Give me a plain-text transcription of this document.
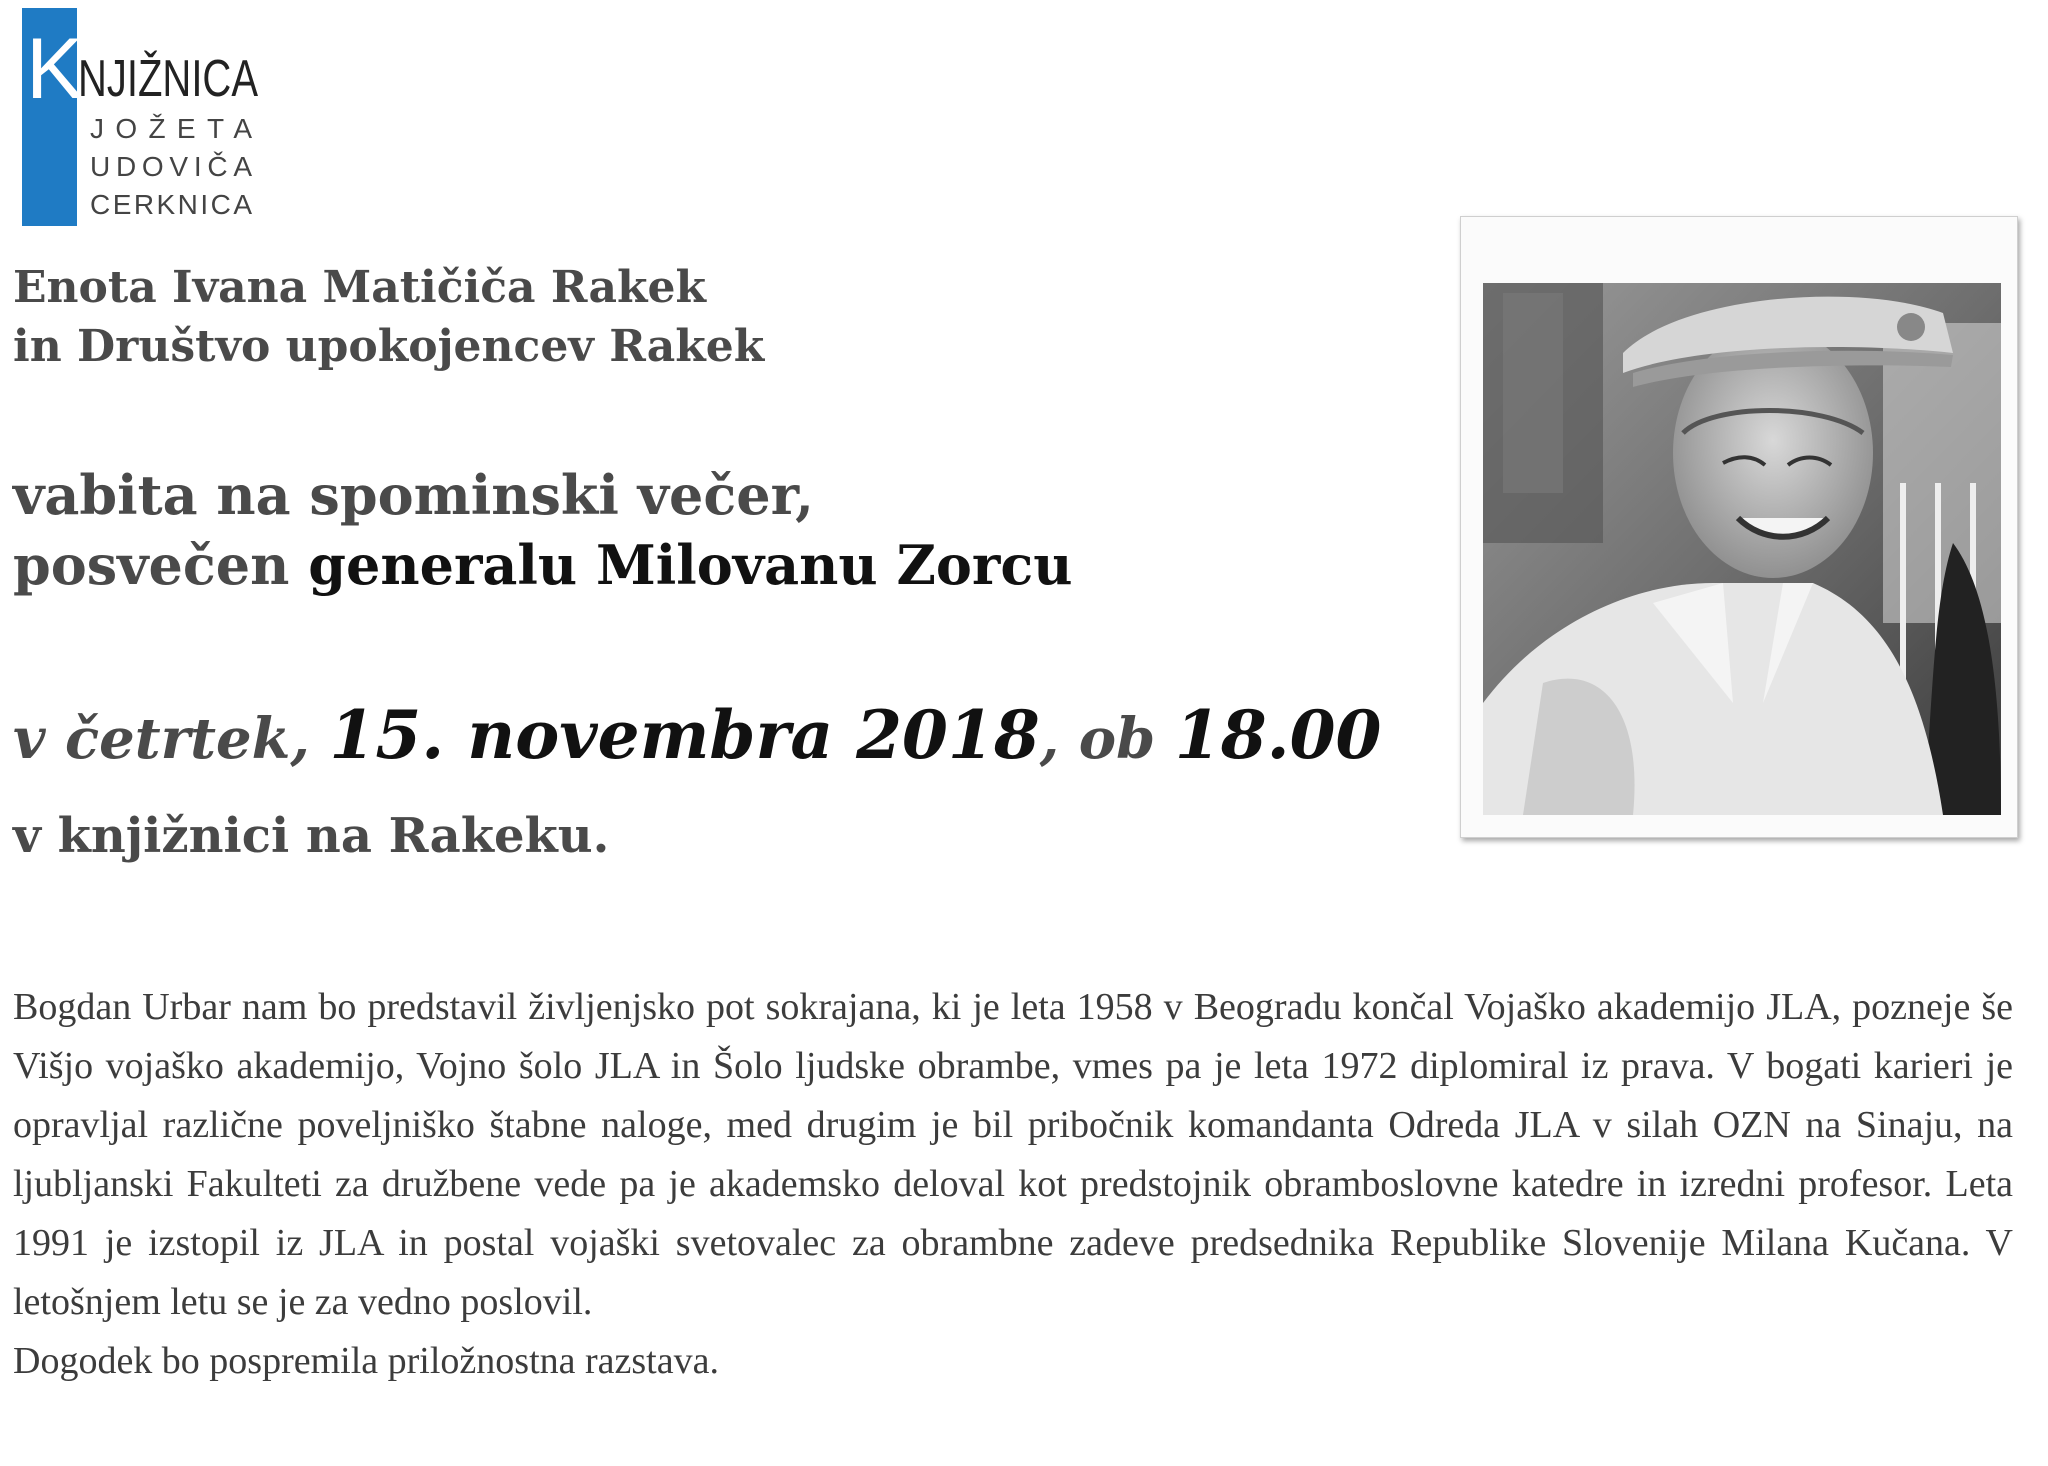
K
NJIŽNICA
JOŽETA
UDOVIČA
CERKNICA
Enota Ivana Matičiča Rakek
in Društvo upokojencev Rakek
vabita na spominski večer,
posvečen generalu Milovanu Zorcu
v četrtek, 15. novembra 2018, ob 18.00
v knjižnici na Rakeku.

Bogdan Urbar nam bo predstavil življenjsko pot sokrajana, ki je leta 1958 v Beogradu končal Vojaško akademijo JLA, pozneje še Višjo vojaško akademijo, Vojno šolo JLA in Šolo ljudske obrambe, vmes pa je leta 1972 diplomiral iz prava. V bogati karieri je opravljal različne poveljniško štabne naloge, med drugim je bil pribočnik komandanta Odreda JLA v silah OZN na Sinaju, na ljubljanski Fakulteti za družbene vede pa je akademsko deloval kot predstojnik obramboslovne katedre in izredni profesor. Leta 1991 je izstopil iz JLA in postal vojaški svetovalec za obrambne zadeve predsednika Republike Slovenije Milana Kučana. V letošnjem letu se je za vedno poslovil.

Dogodek bo pospremila priložnostna razstava.
